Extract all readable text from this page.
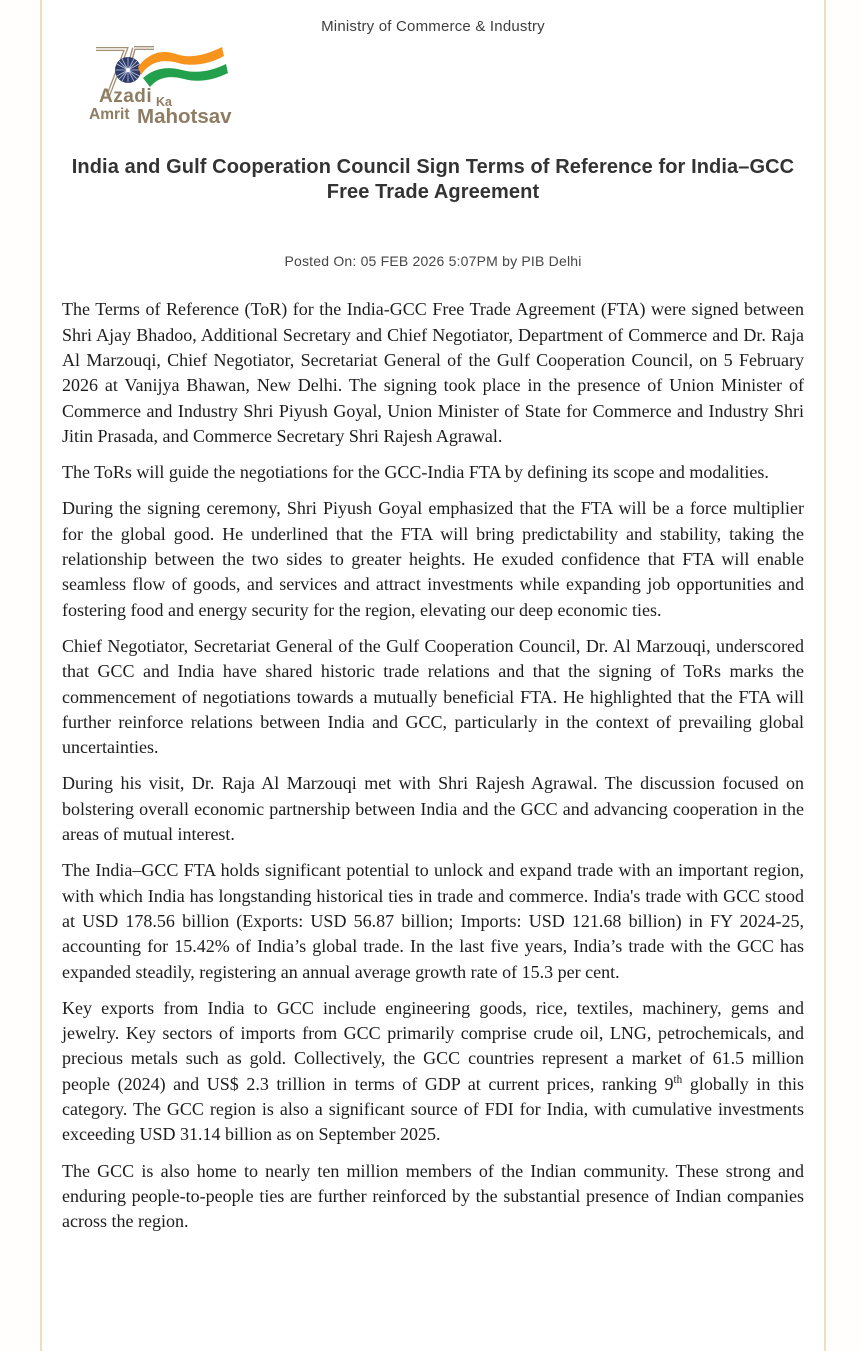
Ministry of Commerce & Industry
Azadi Ka
Amrit Mahotsav
India and Gulf Cooperation Council Sign Terms of Reference for India–GCC Free Trade Agreement
Posted On: 05 FEB 2026 5:07PM by PIB Delhi

The Terms of Reference (ToR) for the India-GCC Free Trade Agreement (FTA) were signed between Shri Ajay Bhadoo, Additional Secretary and Chief Negotiator, Department of Commerce and Dr. Raja Al Marzouqi, Chief Negotiator, Secretariat General of the Gulf Cooperation Council, on 5 February 2026 at Vanijya Bhawan, New Delhi. The signing took place in the presence of Union Minister of Commerce and Industry Shri Piyush Goyal, Union Minister of State for Commerce and Industry Shri Jitin Prasada, and Commerce Secretary Shri Rajesh Agrawal.

The ToRs will guide the negotiations for the GCC-India FTA by defining its scope and modalities.

During the signing ceremony, Shri Piyush Goyal emphasized that the FTA will be a force multiplier for the global good. He underlined that the FTA will bring predictability and stability, taking the relationship between the two sides to greater heights. He exuded confidence that FTA will enable seamless flow of goods, and services and attract investments while expanding job opportunities and fostering food and energy security for the region, elevating our deep economic ties.

Chief Negotiator, Secretariat General of the Gulf Cooperation Council, Dr. Al Marzouqi, underscored that GCC and India have shared historic trade relations and that the signing of ToRs marks the commencement of negotiations towards a mutually beneficial FTA. He highlighted that the FTA will further reinforce relations between India and GCC, particularly in the context of prevailing global uncertainties.

During his visit, Dr. Raja Al Marzouqi met with Shri Rajesh Agrawal. The discussion focused on bolstering overall economic partnership between India and the GCC and advancing cooperation in the areas of mutual interest.

The India–GCC FTA holds significant potential to unlock and expand trade with an important region, with which India has longstanding historical ties in trade and commerce. India's trade with GCC stood at USD 178.56 billion (Exports: USD 56.87 billion; Imports: USD 121.68 billion) in FY 2024-25, accounting for 15.42% of India’s global trade. In the last five years, India’s trade with the GCC has expanded steadily, registering an annual average growth rate of 15.3 per cent.

Key exports from India to GCC include engineering goods, rice, textiles, machinery, gems and jewelry. Key sectors of imports from GCC primarily comprise crude oil, LNG, petrochemicals, and precious metals such as gold. Collectively, the GCC countries represent a market of 61.5 million people (2024) and US$ 2.3 trillion in terms of GDP at current prices, ranking 9th globally in this category. The GCC region is also a significant source of FDI for India, with cumulative investments exceeding USD 31.14 billion as on September 2025.

The GCC is also home to nearly ten million members of the Indian community. These strong and enduring people-to-people ties are further reinforced by the substantial presence of Indian companies across the region.
